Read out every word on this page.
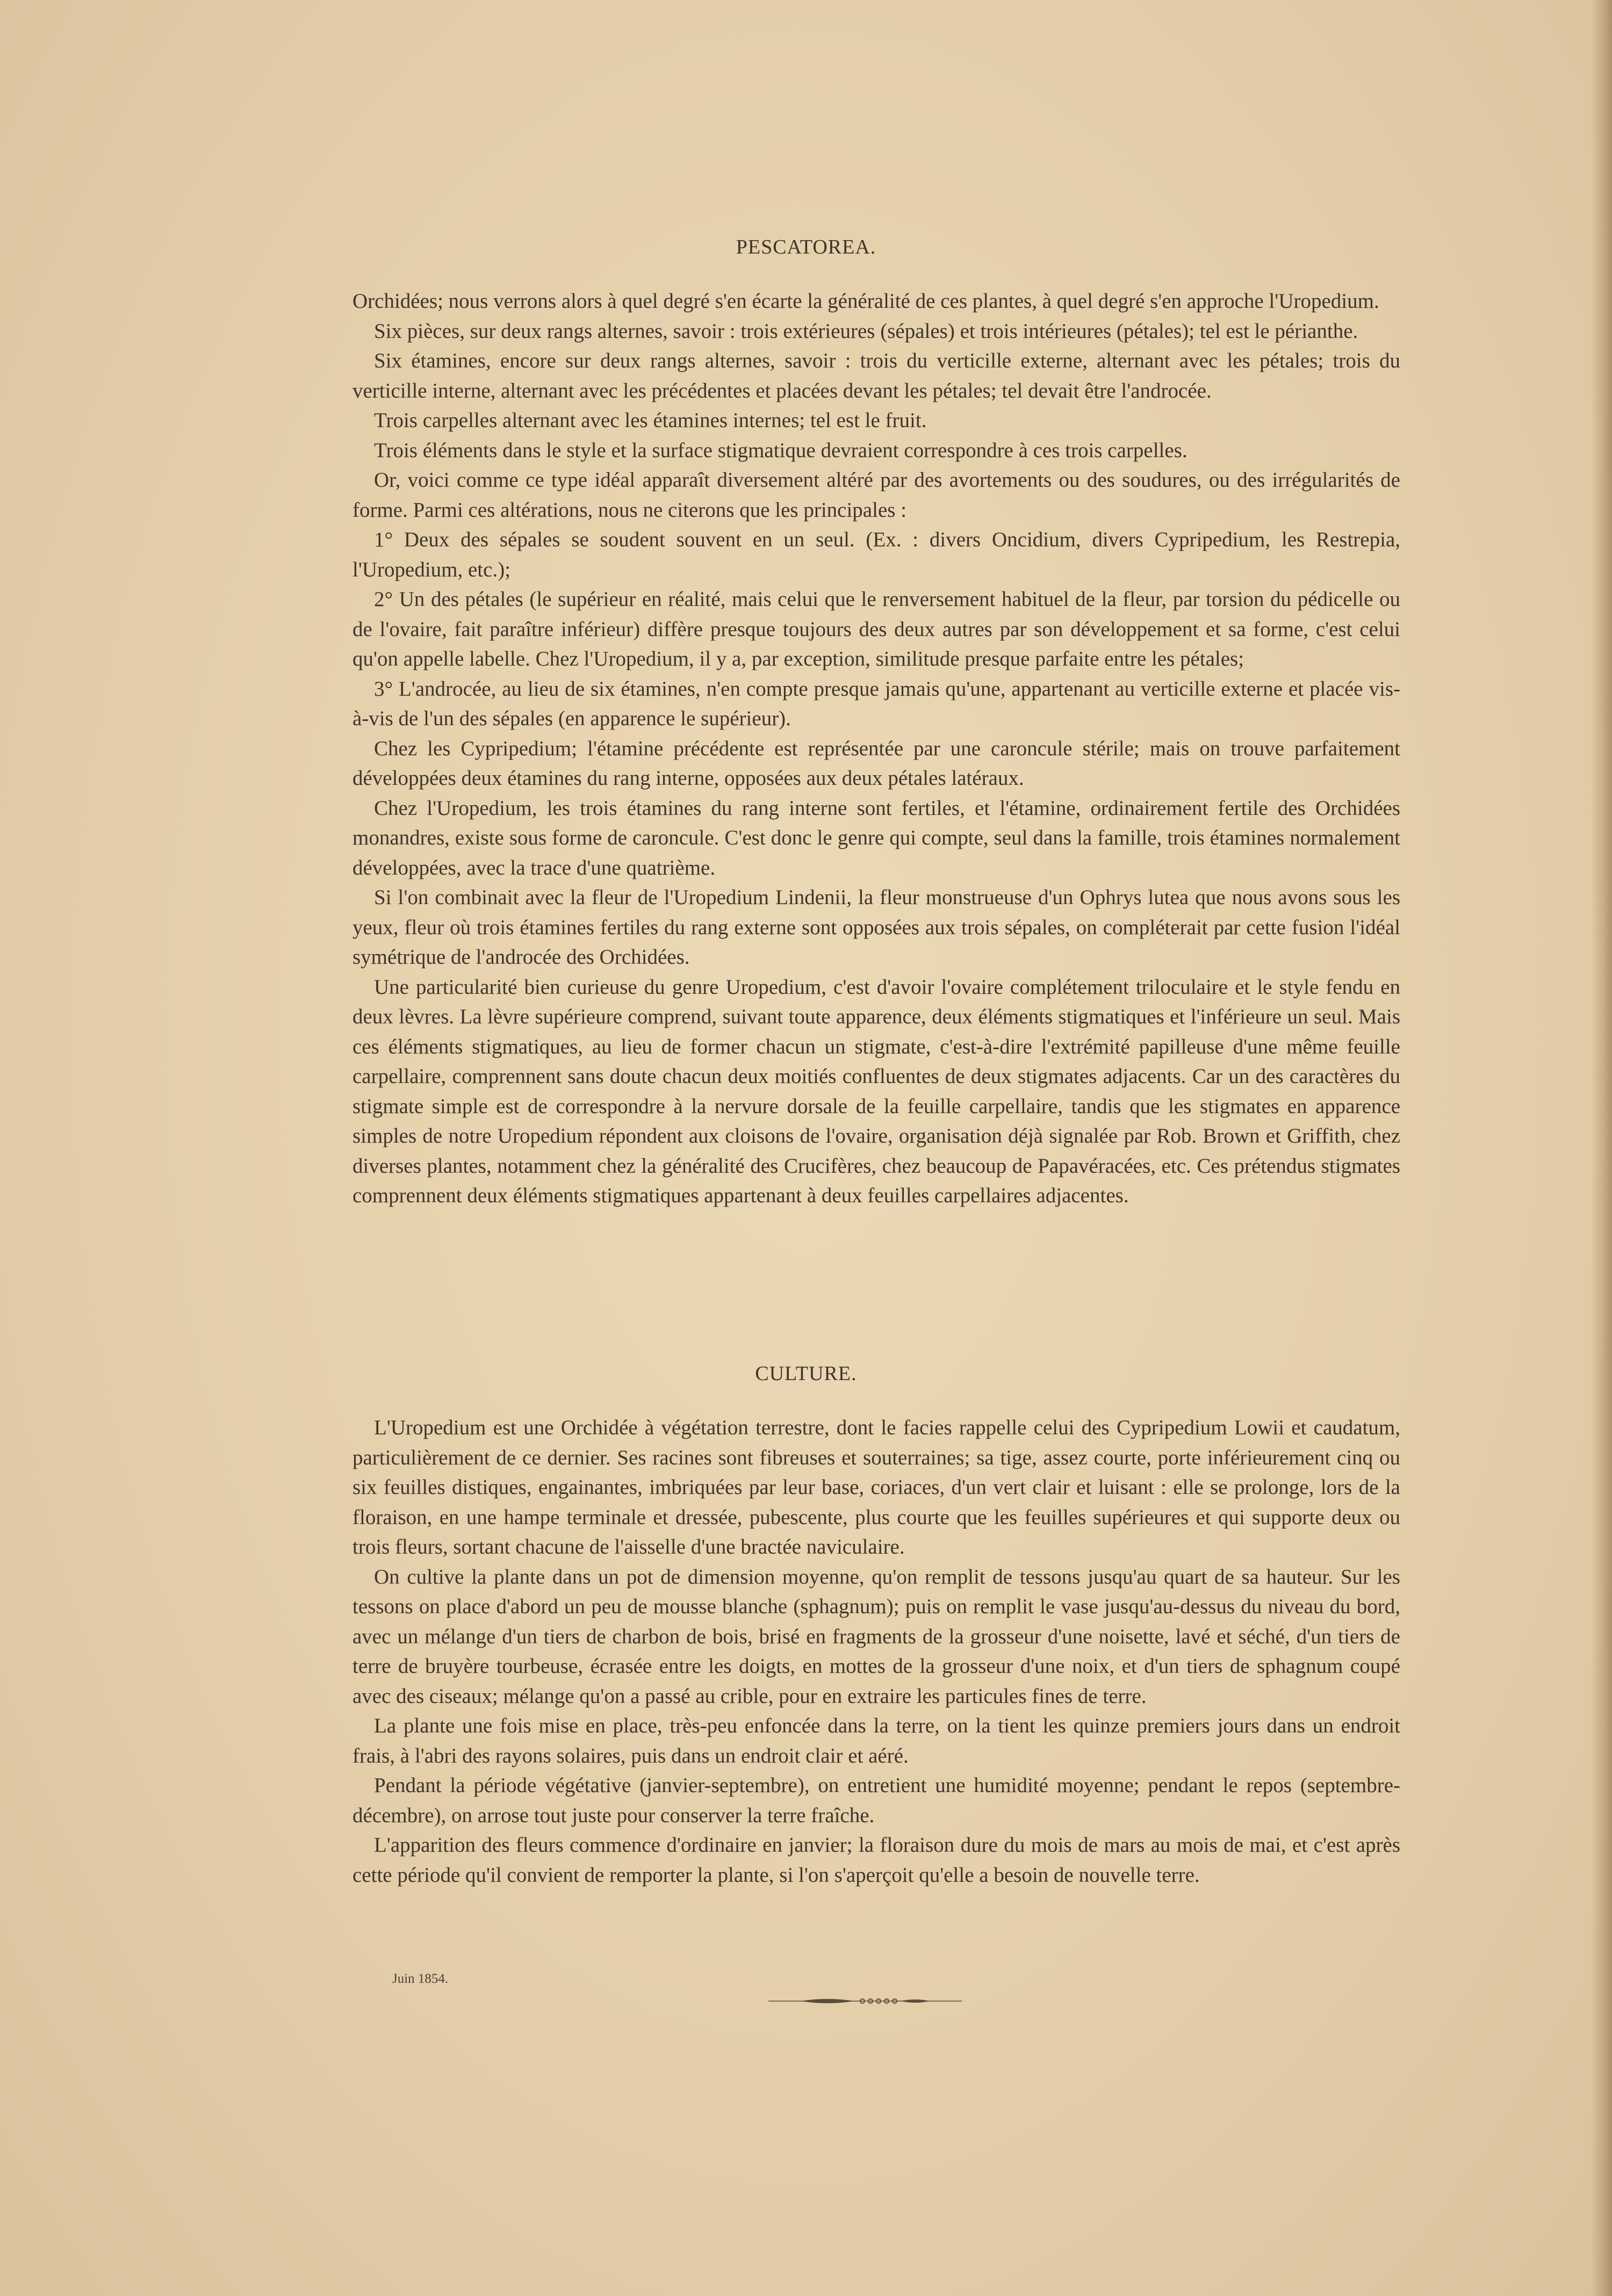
PESCATOREA.

Orchidées; nous verrons alors à quel degré s'en écarte la généralité de ces plantes, à quel degré s'en approche l'Uropedium.

Six pièces, sur deux rangs alternes, savoir : trois extérieures (sépales) et trois intérieures (pétales); tel est le périanthe.

Six étamines, encore sur deux rangs alternes, savoir : trois du verticille externe, alternant avec les pétales; trois du verticille interne, alternant avec les précédentes et placées devant les pétales; tel devait être l'androcée.

Trois carpelles alternant avec les étamines internes; tel est le fruit.

Trois éléments dans le style et la surface stigmatique devraient correspondre à ces trois carpelles.

Or, voici comme ce type idéal apparaît diversement altéré par des avortements ou des soudures, ou des irrégularités de forme. Parmi ces altérations, nous ne citerons que les principales :

1° Deux des sépales se soudent souvent en un seul. (Ex. : divers Oncidium, divers Cypripedium, les Restrepia, l'Uropedium, etc.);

2° Un des pétales (le supérieur en réalité, mais celui que le renversement habituel de la fleur, par torsion du pédicelle ou de l'ovaire, fait paraître inférieur) diffère presque toujours des deux autres par son développement et sa forme, c'est celui qu'on appelle labelle. Chez l'Uropedium, il y a, par exception, similitude presque parfaite entre les pétales;

3° L'androcée, au lieu de six étamines, n'en compte presque jamais qu'une, appartenant au verticille externe et placée vis-à-vis de l'un des sépales (en apparence le supérieur).

Chez les Cypripedium; l'étamine précédente est représentée par une caroncule stérile; mais on trouve parfaitement développées deux étamines du rang interne, opposées aux deux pétales latéraux.

Chez l'Uropedium, les trois étamines du rang interne sont fertiles, et l'étamine, ordinairement fertile des Orchidées monandres, existe sous forme de caroncule. C'est donc le genre qui compte, seul dans la famille, trois étamines normalement développées, avec la trace d'une quatrième.

Si l'on combinait avec la fleur de l'Uropedium Lindenii, la fleur monstrueuse d'un Ophrys lutea que nous avons sous les yeux, fleur où trois étamines fertiles du rang externe sont opposées aux trois sépales, on compléterait par cette fusion l'idéal symétrique de l'androcée des Orchidées.

Une particularité bien curieuse du genre Uropedium, c'est d'avoir l'ovaire complétement triloculaire et le style fendu en deux lèvres. La lèvre supérieure comprend, suivant toute apparence, deux éléments stigmatiques et l'inférieure un seul. Mais ces éléments stigmatiques, au lieu de former chacun un stigmate, c'est-à-dire l'extrémité papilleuse d'une même feuille carpellaire, comprennent sans doute chacun deux moitiés confluentes de deux stigmates adjacents. Car un des caractères du stigmate simple est de correspondre à la nervure dorsale de la feuille carpellaire, tandis que les stigmates en apparence simples de notre Uropedium répondent aux cloisons de l'ovaire, organisation déjà signalée par Rob. Brown et Griffith, chez diverses plantes, notamment chez la généralité des Crucifères, chez beaucoup de Papavéracées, etc. Ces prétendus stigmates comprennent deux éléments stigmatiques appartenant à deux feuilles carpellaires adjacentes.

CULTURE.

L'Uropedium est une Orchidée à végétation terrestre, dont le facies rappelle celui des Cypripedium Lowii et caudatum, particulièrement de ce dernier. Ses racines sont fibreuses et souterraines; sa tige, assez courte, porte inférieurement cinq ou six feuilles distiques, engainantes, imbriquées par leur base, coriaces, d'un vert clair et luisant : elle se prolonge, lors de la floraison, en une hampe terminale et dressée, pubescente, plus courte que les feuilles supérieures et qui supporte deux ou trois fleurs, sortant chacune de l'aisselle d'une bractée naviculaire.

On cultive la plante dans un pot de dimension moyenne, qu'on remplit de tessons jusqu'au quart de sa hauteur. Sur les tessons on place d'abord un peu de mousse blanche (sphagnum); puis on remplit le vase jusqu'au-dessus du niveau du bord, avec un mélange d'un tiers de charbon de bois, brisé en fragments de la grosseur d'une noisette, lavé et séché, d'un tiers de terre de bruyère tourbeuse, écrasée entre les doigts, en mottes de la grosseur d'une noix, et d'un tiers de sphagnum coupé avec des ciseaux; mélange qu'on a passé au crible, pour en extraire les particules fines de terre.

La plante une fois mise en place, très-peu enfoncée dans la terre, on la tient les quinze premiers jours dans un endroit frais, à l'abri des rayons solaires, puis dans un endroit clair et aéré.

Pendant la période végétative (janvier-septembre), on entretient une humidité moyenne; pendant le repos (septembre-décembre), on arrose tout juste pour conserver la terre fraîche.

L'apparition des fleurs commence d'ordinaire en janvier; la floraison dure du mois de mars au mois de mai, et c'est après cette période qu'il convient de remporter la plante, si l'on s'aperçoit qu'elle a besoin de nouvelle terre.

Juin 1854.
